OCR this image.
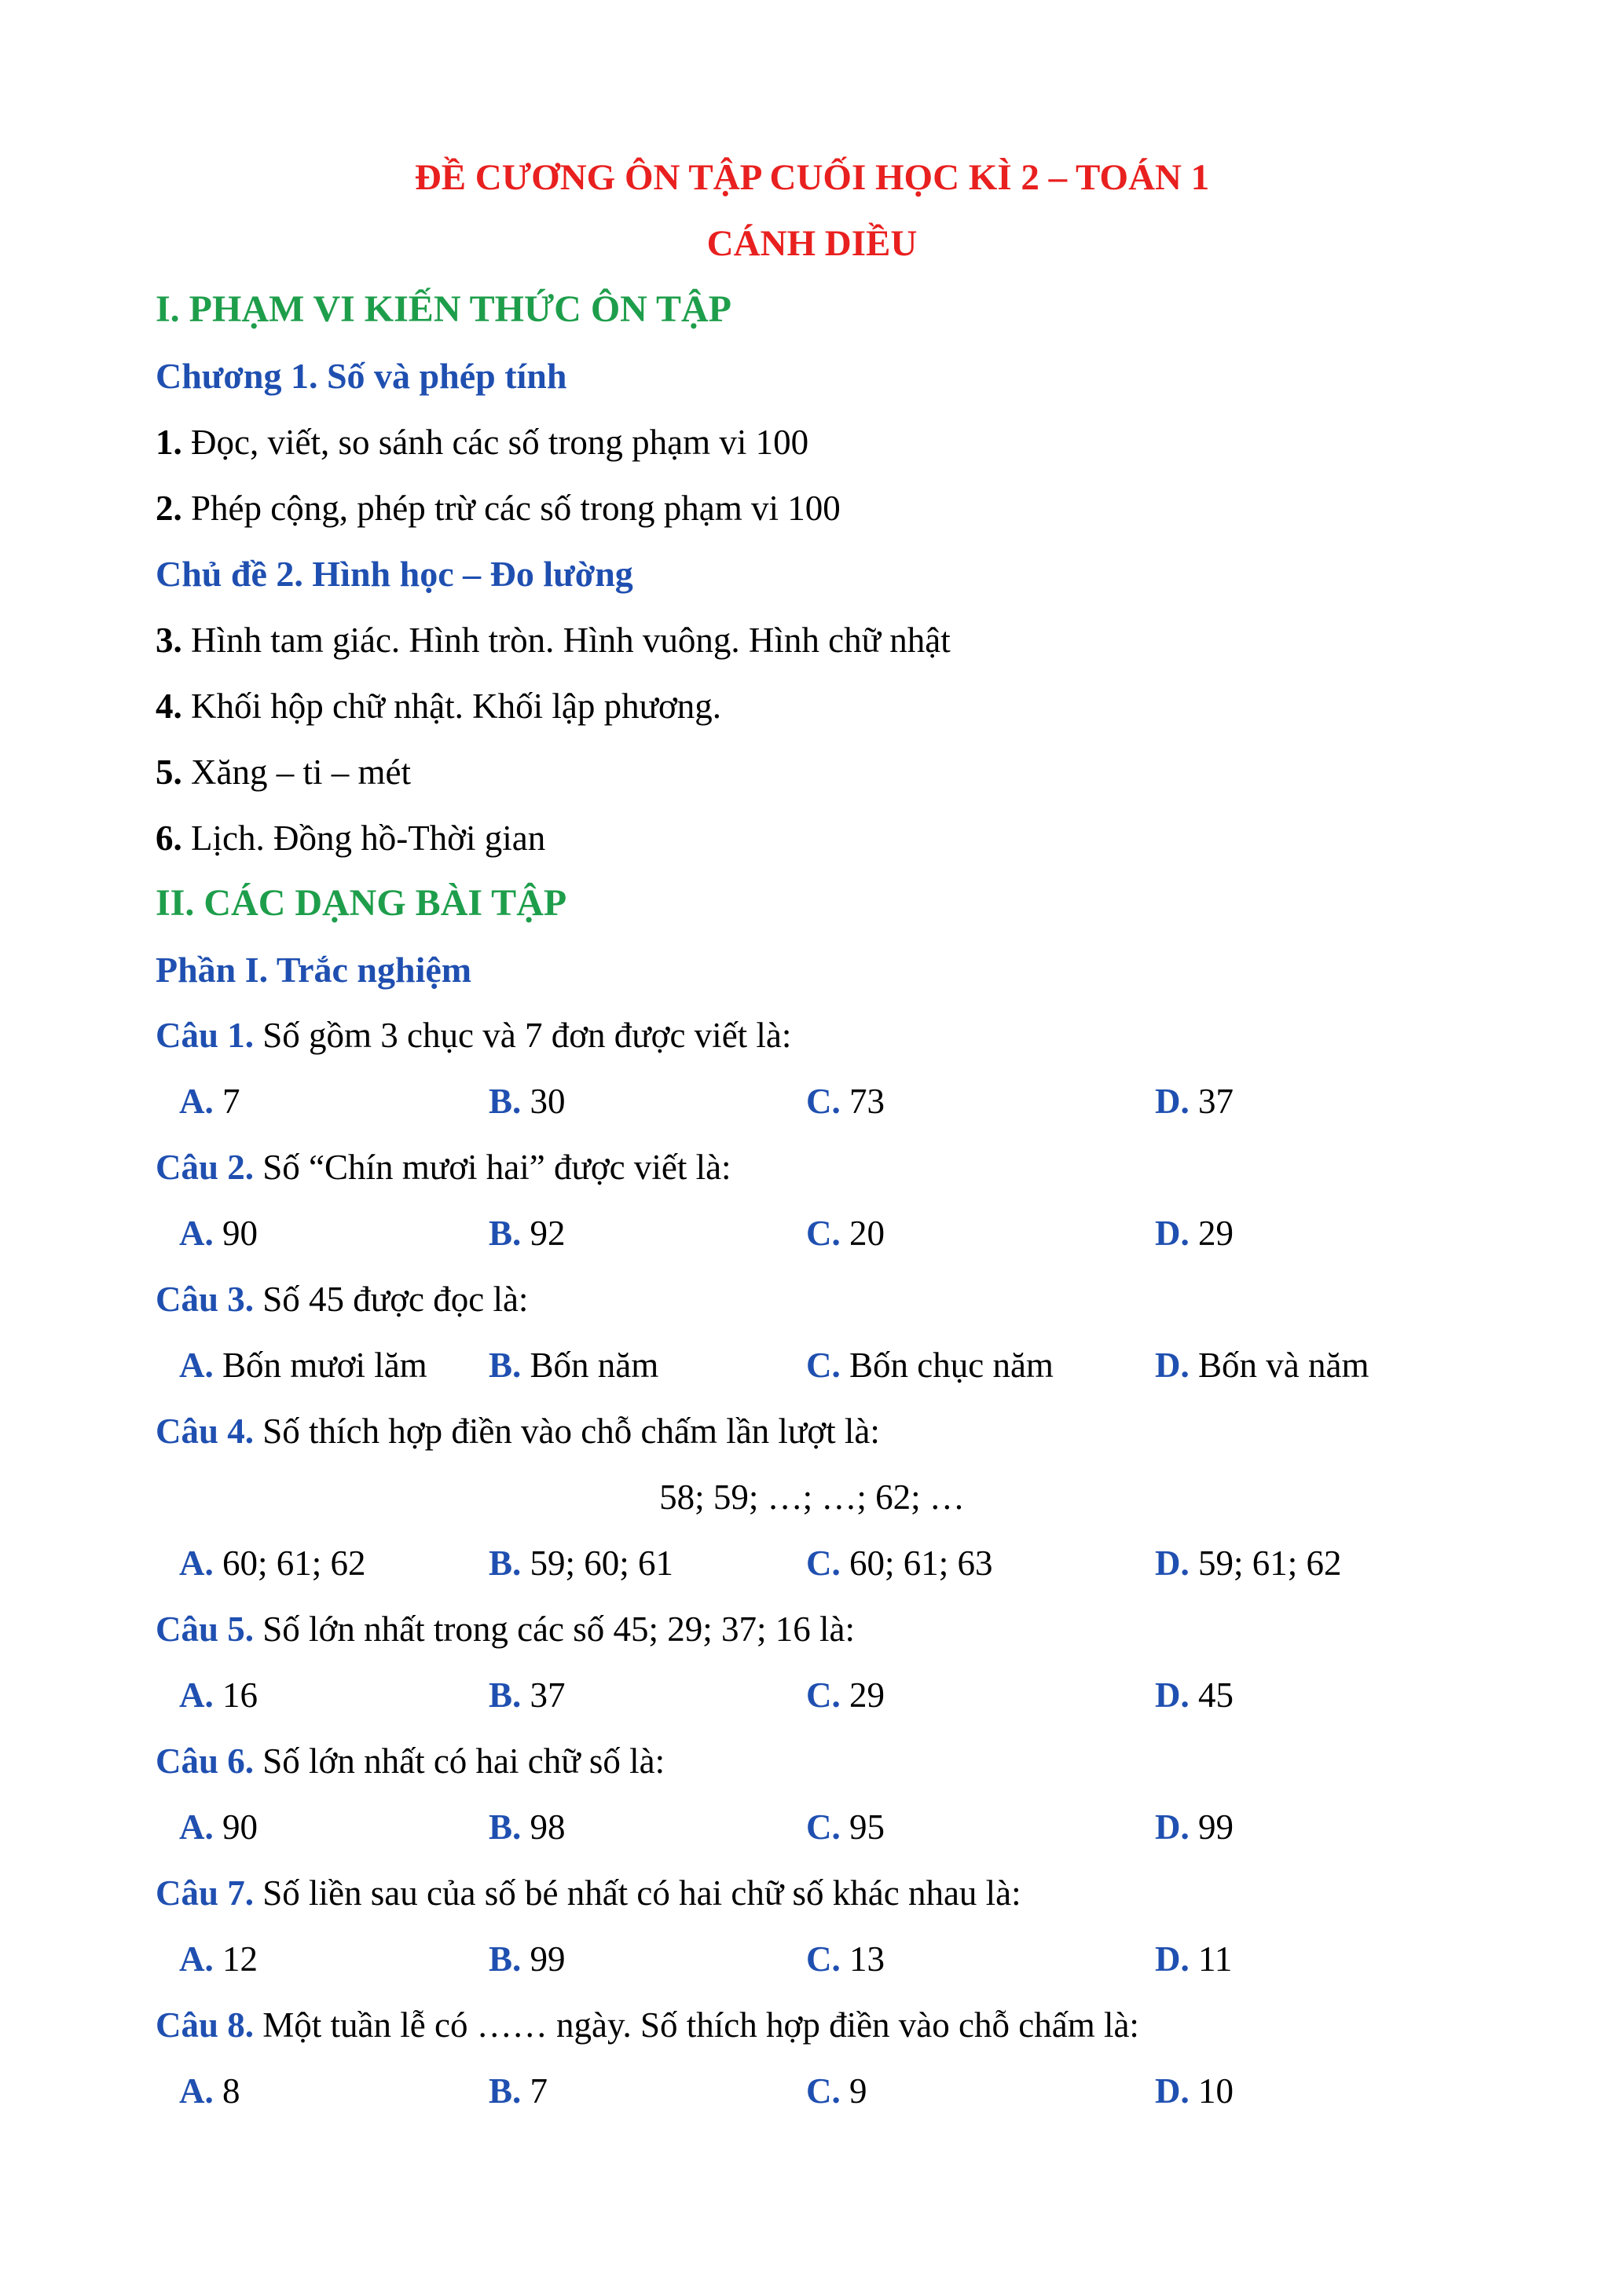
ĐỀ CƯƠNG ÔN TẬP CUỐI HỌC KÌ 2 – TOÁN 1
CÁNH DIỀU
I. PHẠM VI KIẾN THỨC ÔN TẬP
Chương 1. Số và phép tính
1. Đọc, viết, so sánh các số trong phạm vi 100
2. Phép cộng, phép trừ các số trong phạm vi 100
Chủ đề 2. Hình học – Đo lường
3. Hình tam giác. Hình tròn. Hình vuông. Hình chữ nhật
4. Khối hộp chữ nhật. Khối lập phương.
5. Xăng – ti – mét
6. Lịch. Đồng hồ-Thời gian
II. CÁC DẠNG BÀI TẬP
Phần I. Trắc nghiệm
Câu 1. Số gồm 3 chục và 7 đơn được viết là:
A. 7	B. 30	C. 73	D. 37
Câu 2. Số “Chín mươi hai” được viết là:
A. 90	B. 92	C. 20	D. 29
Câu 3. Số 45 được đọc là:
A. Bốn mươi lăm B. Bốn năm	C. Bốn chục năm	D. Bốn và năm
Câu 4. Số thích hợp điền vào chỗ chấm lần lượt là:
58; 59; …; …; 62; …
A. 60; 61; 62	B. 59; 60; 61	C. 60; 61; 63	D. 59; 61; 62
Câu 5. Số lớn nhất trong các số 45; 29; 37; 16 là:
A. 16	B. 37	C. 29	D. 45
Câu 6. Số lớn nhất có hai chữ số là:
A. 90	B. 98	C. 95	D. 99
Câu 7. Số liền sau của số bé nhất có hai chữ số khác nhau là:
A. 12	B. 99	C. 13	D. 11
Câu 8. Một tuần lễ có …… ngày. Số thích hợp điền vào chỗ chấm là:
A. 8	B. 7	C. 9	D. 10
